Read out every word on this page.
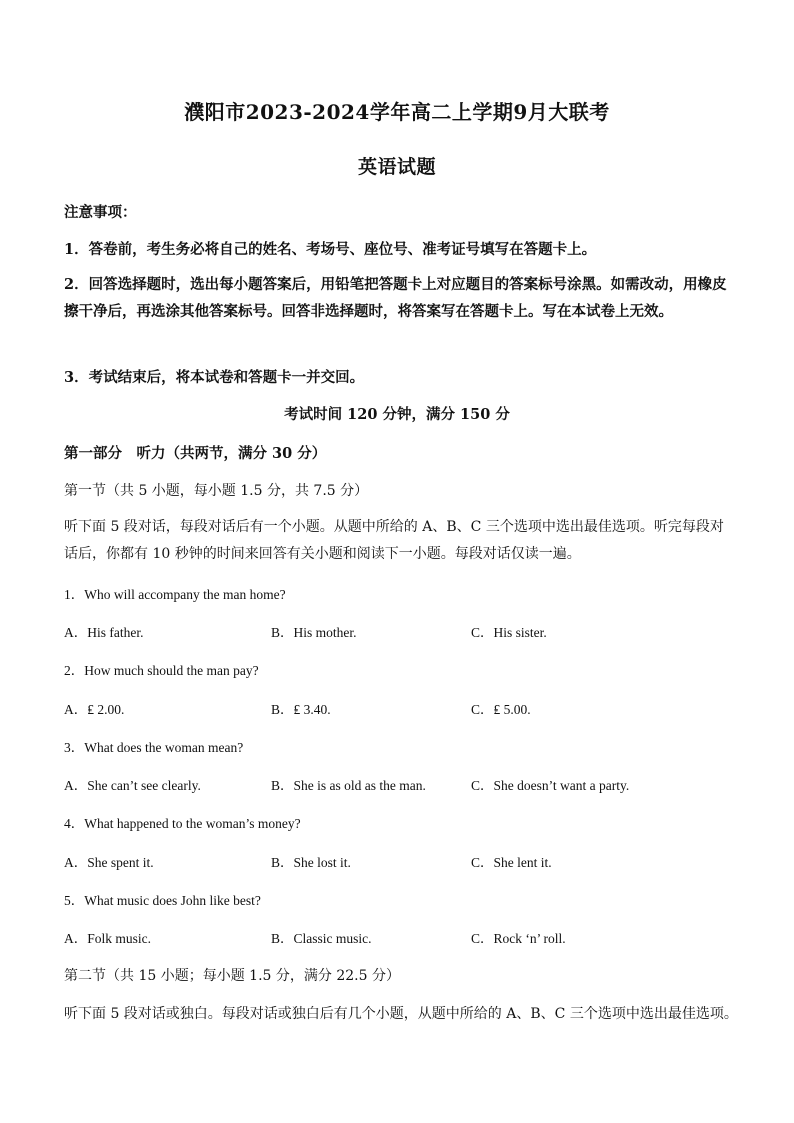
濮阳市2023-2024学年高二上学期9月大联考
英语试题
注意事项：
1．答卷前，考生务必将自己的姓名、考场号、座位号、准考证号填写在答题卡上。
2．回答选择题时，选出每小题答案后，用铅笔把答题卡上对应题目的答案标号涂黑。如需改动，用橡皮擦干净后，再选涂其他答案标号。回答非选择题时，将答案写在答题卡上。写在本试卷上无效。
3．考试结束后，将本试卷和答题卡一并交回。
考试时间 120 分钟，满分 150 分
第一部分　听力（共两节，满分 30 分）
第一节（共 5 小题，每小题 1.5 分，共 7.5 分）
听下面 5 段对话，每段对话后有一个小题。从题中所给的 A、B、C 三个选项中选出最佳选项。听完每段对话后，你都有 10 秒钟的时间来回答有关小题和阅读下一小题。每段对话仅读一遍。
1．Who will accompany the man home?
A．His father.	B．His mother.	C．His sister.
2．How much should the man pay?
A．₤ 2.00.	B．₤ 3.40.	C．₤ 5.00.
3．What does the woman mean?
A．She can’t see clearly.	B．She is as old as the man.	C．She doesn’t want a party.
4．What happened to the woman’s money?
A．She spent it.	B．She lost it.	C．She lent it.
5．What music does John like best?
A．Folk music.	B．Classic music.	C．Rock ‘n’ roll.
第二节（共 15 小题；每小题 1.5 分，满分 22.5 分）
听下面 5 段对话或独白。每段对话或独白后有几个小题，从题中所给的 A、B、C 三个选项中选出最佳选项。
